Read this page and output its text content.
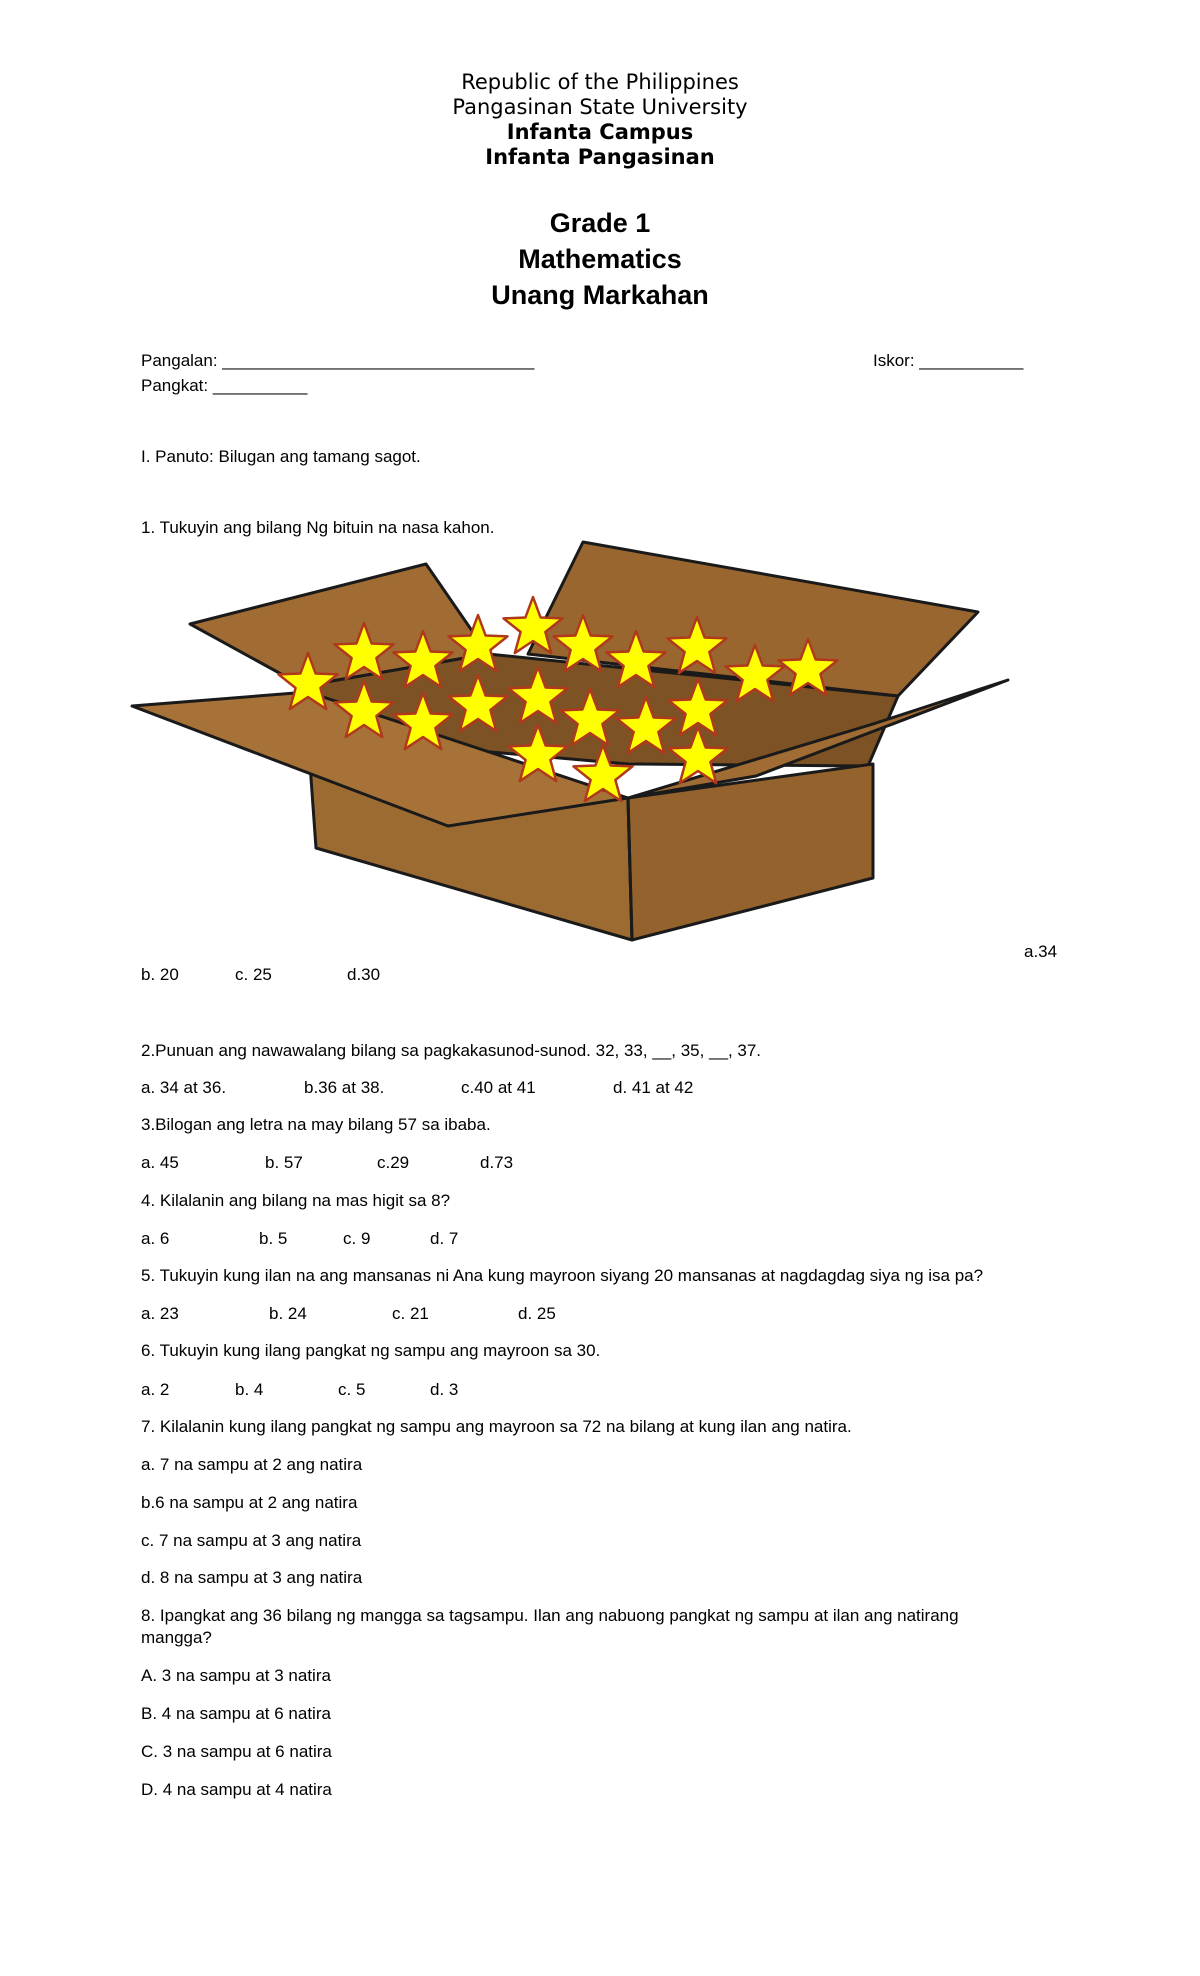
Republic of the Philippines
Pangasinan State University
Infanta Campus
Infanta Pangasinan
Grade 1
Mathematics
Unang Markahan
Pangalan: _________________________________	Iskor: ___________
Pangkat: __________
I. Panuto: Bilugan ang tamang sagot.
1. Tukuyin ang bilang Ng bituin na nasa kahon.
a.34
b. 20	c. 25	d.30
2.Punuan ang nawawalang bilang sa pagkakasunod-sunod. 32, 33, __, 35, __, 37.
a. 34 at 36.	b.36 at 38.	c.40 at 41	d. 41 at 42
3.Bilogan ang letra na may bilang 57 sa ibaba.
a. 45	b. 57	c.29	d.73
4. Kilalanin ang bilang na mas higit sa 8?
a. 6	b. 5	c. 9	d. 7
5. Tukuyin kung ilan na ang mansanas ni Ana kung mayroon siyang 20 mansanas at nagdagdag siya ng isa pa?
a. 23	b. 24	c. 21	d. 25
6. Tukuyin kung ilang pangkat ng sampu ang mayroon sa 30.
a. 2	b. 4	c. 5	d. 3
7. Kilalanin kung ilang pangkat ng sampu ang mayroon sa 72 na bilang at kung ilan ang natira.
a. 7 na sampu at 2 ang natira
b.6 na sampu at 2 ang natira
c. 7 na sampu at 3 ang natira
d. 8 na sampu at 3 ang natira
8. Ipangkat ang 36 bilang ng mangga sa tagsampu. Ilan ang nabuong pangkat ng sampu at ilan ang natirang
mangga?
A. 3 na sampu at 3 natira
B. 4 na sampu at 6 natira
C. 3 na sampu at 6 natira
D. 4 na sampu at 4 natira
